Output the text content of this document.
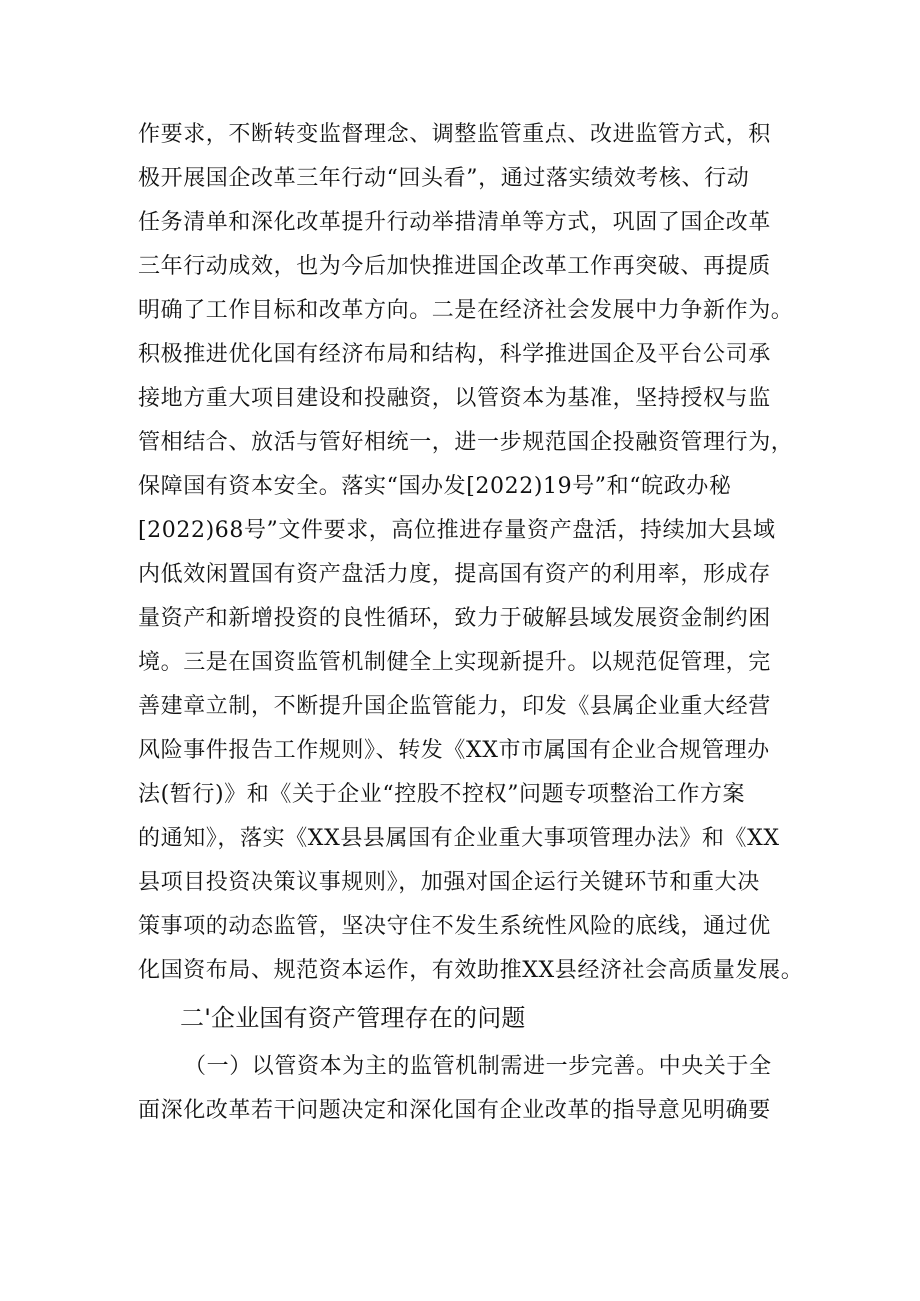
作要求，不断转变监督理念、调整监管重点、改进监管方式，积
极开展国企改革三年行动“回头看”，通过落实绩效考核、行动
任务清单和深化改革提升行动举措清单等方式，巩固了国企改革
三年行动成效，也为今后加快推进国企改革工作再突破、再提质
明确了工作目标和改革方向。二是在经济社会发展中力争新作为。
积极推进优化国有经济布局和结构，科学推进国企及平台公司承
接地方重大项目建设和投融资，以管资本为基准，坚持授权与监
管相结合、放活与管好相统一，进一步规范国企投融资管理行为，
保障国有资本安全。落实“国办发[2022)19号”和“皖政办秘
[2022)68号”文件要求，高位推进存量资产盘活，持续加大县域
内低效闲置国有资产盘活力度，提高国有资产的利用率，形成存
量资产和新增投资的良性循环，致力于破解县域发展资金制约困
境。三是在国资监管机制健全上实现新提升。以规范促管理，完
善建章立制，不断提升国企监管能力，印发《县属企业重大经营
风险事件报告工作规则》、转发《XX市市属国有企业合规管理办
法(暂行)》和《关于企业“控股不控权”问题专项整治工作方案
的通知》，落实《XX县县属国有企业重大事项管理办法》和《XX
县项目投资决策议事规则》，加强对国企运行关键环节和重大决
策事项的动态监管，坚决守住不发生系统性风险的底线，通过优
化国资布局、规范资本运作，有效助推XX县经济社会高质量发展。
二'企业国有资产管理存在的问题
（一）以管资本为主的监管机制需进一步完善。中央关于全
面深化改革若干问题决定和深化国有企业改革的指导意见明确要
